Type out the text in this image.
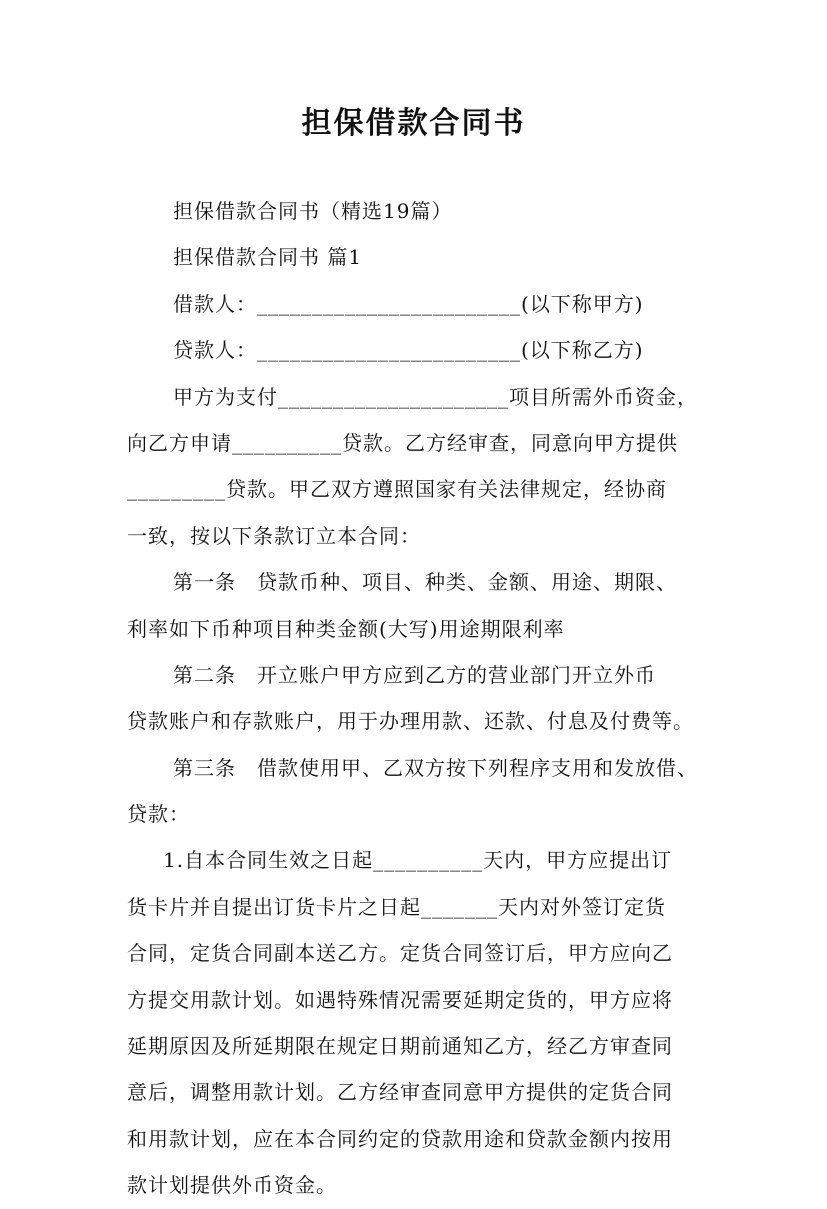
担保借款合同书
担保借款合同书（精选19篇）
担保借款合同书 篇1
借款人：________________________(以下称甲方)
贷款人：________________________(以下称乙方)
甲方为支付_____________________项目所需外币资金，
向乙方申请__________贷款。乙方经审查，同意向甲方提供
_________贷款。甲乙双方遵照国家有关法律规定，经协商
一致，按以下条款订立本合同：
第一条　贷款币种、项目、种类、金额、用途、期限、
利率如下币种项目种类金额(大写)用途期限利率
第二条　开立账户甲方应到乙方的营业部门开立外币
贷款账户和存款账户，用于办理用款、还款、付息及付费等。
第三条　借款使用甲、乙双方按下列程序支用和发放借、
贷款：
1.自本合同生效之日起__________天内，甲方应提出订
货卡片并自提出订货卡片之日起_______天内对外签订定货
合同，定货合同副本送乙方。定货合同签订后，甲方应向乙
方提交用款计划。如遇特殊情况需要延期定货的，甲方应将
延期原因及所延期限在规定日期前通知乙方，经乙方审查同
意后，调整用款计划。乙方经审查同意甲方提供的定货合同
和用款计划，应在本合同约定的贷款用途和贷款金额内按用
款计划提供外币资金。
